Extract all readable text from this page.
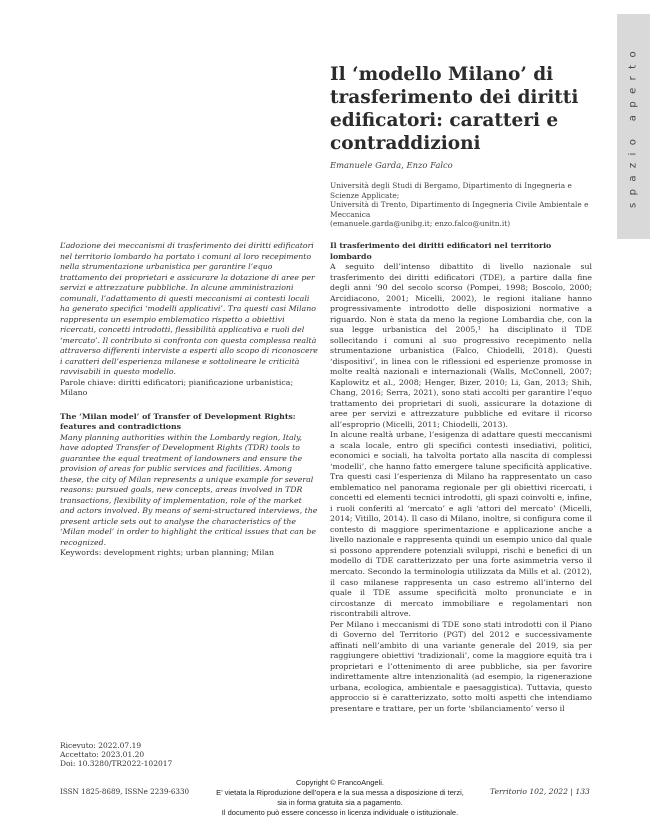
spazio aperto
Il ‘modello Milano’ di trasferimento dei diritti edificatori: caratteri e contraddizioni
Emanuele Garda, Enzo Falco
Università degli Studi di Bergamo, Dipartimento di Ingegneria e Scienze Applicate;
Università di Trento, Dipartimento di Ingegneria Civile Ambientale e Meccanica
(emanuele.garda@unibg.it; enzo.falco@unitn.it)

L’adozione dei meccanismi di trasferimento dei diritti edificatori nel territorio lombardo ha portato i comuni al loro recepimento nella strumentazione urbanistica per garantire l’equo trattamento dei proprietari e assicurare la dotazione di aree per servizi e attrezzature pubbliche. In alcune amministrazioni comunali, l’adattamento di questi meccanismi ai contesti locali ha generato specifici ‘modelli applicativi’. Tra questi casi Milano rappresenta un esempio emblematico rispetto a obiettivi ricercati, concetti introdotti, flessibilità applicativa e ruoli del ‘mercato’. Il contributo si confronta con questa complessa realtà attraverso differenti interviste a esperti allo scopo di riconoscere i caratteri dell’esperienza milanese e sottolineare le criticità ravvisabili in questo modello.

Parole chiave: diritti edificatori; pianificazione urbanistica; Milano

The ‘Milan model’ of Transfer of Development Rights: features and contradictions

Many planning authorities within the Lombardy region, Italy, have adopted Transfer of Development Rights (TDR) tools to guarantee the equal treatment of landowners and ensure the provision of areas for public services and facilities. Among these, the city of Milan represents a unique example for several reasons: pursued goals, new concepts, areas involved in TDR transactions, flexibility of implementation, role of the market and actors involved. By means of semi-structured interviews, the present article sets out to analyse the characteristics of the ‘Milan model’ in order to highlight the critical issues that can be recognized.

Keywords: development rights; urban planning; Milan

Ricevuto: 2022.07.19
Accettato: 2023.01.20
Doi: 10.3280/TR2022-102017

Il trasferimento dei diritti edificatori nel territorio lombardo

A seguito dell’intenso dibattito di livello nazionale sul trasferimento dei diritti edificatori (TDE), a partire dalla fine degli anni ’90 del secolo scorso (Pompei, 1998; Boscolo, 2000; Arcidiacono, 2001; Micelli, 2002), le regioni italiane hanno progressivamente introdotto delle disposizioni normative a riguardo. Non è stata da meno la regione Lombardia che, con la sua legge urbanistica del 2005,¹ ha disciplinato il TDE sollecitando i comuni al suo progressivo recepimento nella strumentazione urbanistica (Falco, Chiodelli, 2018). Questi ‘dispositivi’, in linea con le riflessioni ed esperienze promosse in molte realtà nazionali e internazionali (Walls, McConnell, 2007; Kaplowitz et al., 2008; Henger, Bizer, 2010; Li, Gan, 2013; Shih, Chang, 2016; Serra, 2021), sono stati accolti per garantire l’equo trattamento dei proprietari di suoli, assicurare la dotazione di aree per servizi e attrezzature pubbliche ed evitare il ricorso all’esproprio (Micelli, 2011; Chiodelli, 2013).

In alcune realtà urbane, l’esigenza di adattare questi meccanismi a scala locale, entro gli specifici contesti insediativi, politici, economici e sociali, ha talvolta portato alla nascita di complessi ‘modelli’, che hanno fatto emergere talune specificità applicative. Tra questi casi l’esperienza di Milano ha rappresentato un caso emblematico nel panorama regionale per gli obiettivi ricercati, i concetti ed elementi tecnici introdotti, gli spazi coinvolti e, infine, i ruoli conferiti al ‘mercato’ e agli ‘attori del mercato’ (Micelli, 2014; Vitillo, 2014). Il caso di Milano, inoltre, si configura come il contesto di maggiore sperimentazione e applicazione anche a livello nazionale e rappresenta quindi un esempio unico dal quale si possono apprendere potenziali sviluppi, rischi e benefici di un modello di TDE caratterizzato per una forte asimmetria verso il mercato. Secondo la terminologia utilizzata da Mills et al. (2012), il caso milanese rappresenta un caso estremo all’interno del quale il TDE assume specificità molto pronunciate e in circostanze di mercato immobiliare e regolamentari non riscontrabili altrove.

Per Milano i meccanismi di TDE sono stati introdotti con il Piano di Governo del Territorio (PGT) del 2012 e successivamente affinati nell’ambito di una variante generale del 2019, sia per raggiungere obiettivi ‘tradizionali’, come la maggiore equità tra i proprietari e l’ottenimento di aree pubbliche, sia per favorire indirettamente altre intenzionalità (ad esempio, la rigenerazione urbana, ecologica, ambientale e paesaggistica). Tuttavia, questo approccio si è caratterizzato, sotto molti aspetti che intendiamo presentare e trattare, per un forte ‘sbilanciamento’ verso il

ISSN 1825-8689, ISSNe 2239-6330
Copyright © FrancoAngeli.
E’ vietata la Riproduzione dell’opera e la sua messa a disposizione di terzi,
sia in forma gratuita sia a pagamento.
Il documento può essere concesso in licenza individuale o istituzionale.
Territorio 102, 2022 | 133
